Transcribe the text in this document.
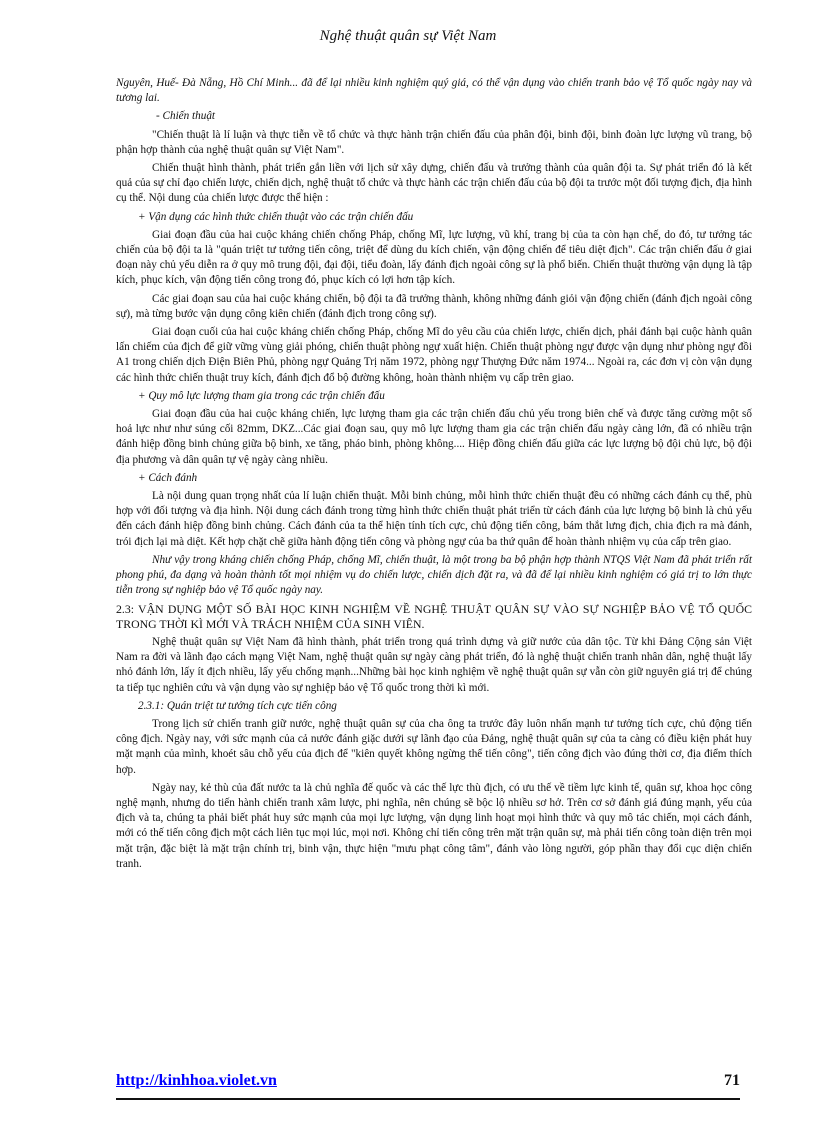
Nghệ thuật quân sự Việt Nam

Nguyên, Huế- Đà Nẵng, Hồ Chí Minh... đã để lại nhiều kinh nghiệm quý giá, có thể vận dụng vào chiến tranh bảo vệ Tổ quốc ngày nay và tương lai.

- Chiến thuật

"Chiến thuật là lí luận và thực tiễn về tổ chức và thực hành trận chiến đấu của phân đội, binh đội, binh đoàn lực lượng vũ trang, bộ phận hợp thành của nghệ thuật quân sự Việt Nam".

Chiến thuật hình thành, phát triển gắn liền với lịch sử xây dựng, chiến đấu và trưởng thành của quân đội ta. Sự phát triển đó là kết quả của sự chỉ đạo chiến lược, chiến dịch, nghệ thuật tổ chức và thực hành các trận chiến đấu của bộ đội ta trước một đối tượng địch, địa hình cụ thể. Nội dung của chiến lược được thể hiện :

+ Vận dụng các hình thức chiến thuật vào các trận chiến đấu

Giai đoạn đầu của hai cuộc kháng chiến chống Pháp, chống Mĩ, lực lượng, vũ khí, trang bị của ta còn hạn chế, do đó, tư tưởng tác chiến của bộ đội ta là "quán triệt tư tưởng tiến công, triệt để dùng du kích chiến, vận động chiến để tiêu diệt địch". Các trận chiến đấu ở giai đoạn này chủ yếu diễn ra ở quy mô trung đội, đại đội, tiểu đoàn, lấy đánh địch ngoài công sự là phổ biến. Chiến thuật thường vận dụng là tập kích, phục kích, vận động tiến công trong đó, phục kích có lợi hơn tập kích.

Các giai đoạn sau của hai cuộc kháng chiến, bộ đội ta đã trưởng thành, không những đánh giỏi vận động chiến (đánh địch ngoài công sự), mà từng bước vận dụng công kiên chiến (đánh địch trong công sự).

Giai đoạn cuối của hai cuộc kháng chiến chống Pháp, chống Mĩ do yêu cầu của chiến lược, chiến dịch, phải đánh bại cuộc hành quân lấn chiếm của địch để giữ vững vùng giải phóng, chiến thuật phòng ngự xuất hiện. Chiến thuật phòng ngự được vận dụng như phòng ngự đồi A1 trong chiến dịch Điện Biên Phủ, phòng ngự Quảng Trị năm 1972, phòng ngự Thượng Đức năm 1974... Ngoài ra, các đơn vị còn vận dụng các hình thức chiến thuật truy kích, đánh địch đổ bộ đường không, hoàn thành nhiệm vụ cấp trên giao.

+ Quy mô lực lượng tham gia trong các trận chiến đấu

Giai đoạn đầu của hai cuộc kháng chiến, lực lượng tham gia các trận chiến đấu chủ yếu trong biên chế và được tăng cường một số hoả lực như như súng cối 82mm, DKZ...Các giai đoạn sau, quy mô lực lượng tham gia các trận chiến đấu ngày càng lớn, đã có nhiều trận đánh hiệp đồng binh chủng giữa bộ binh, xe tăng, pháo binh, phòng không.... Hiệp đồng chiến đấu giữa các lực lượng bộ đội chủ lực, bộ đội địa phương và dân quân tự vệ ngày càng nhiều.

+ Cách đánh

Là nội dung quan trọng nhất của lí luận chiến thuật. Mỗi binh chủng, mỗi hình thức chiến thuật đều có những cách đánh cụ thể, phù hợp với đối tượng và địa hình. Nội dung cách đánh trong từng hình thức chiến thuật phát triển từ cách đánh của lực lượng bộ binh là chủ yếu đến cách đánh hiệp đồng binh chủng. Cách đánh của ta thể hiện tính tích cực, chủ động tiến công, bám thắt lưng địch, chia địch ra mà đánh, trói địch lại mà diệt. Kết hợp chặt chẽ giữa hành động tiến công và phòng ngự của ba thứ quân để hoàn thành nhiệm vụ của cấp trên giao.

Như vậy trong kháng chiến chống Pháp, chống Mĩ, chiến thuật, là một trong ba bộ phận hợp thành NTQS Việt Nam đã phát triển rất phong phú, đa dạng và hoàn thành tốt mọi nhiệm vụ do chiến lược, chiến dịch đặt ra, và đã để lại nhiều kinh nghiệm có giá trị to lớn thực tiễn trong sự nghiệp bảo vệ Tổ quốc ngày nay.

2.3: VẬN DỤNG MỘT SỐ BÀI HỌC KINH NGHIỆM VỀ NGHỆ THUẬT QUÂN SỰ VÀO SỰ NGHIỆP BẢO VỆ TỔ QUỐC TRONG THỜI KÌ MỚI VÀ TRÁCH NHIỆM CỦA SINH VIÊN.

Nghệ thuật quân sự Việt Nam đã hình thành, phát triển trong quá trình dựng và giữ nước của dân tộc. Từ khi Đảng Cộng sản Việt Nam ra đời và lãnh đạo cách mạng Việt Nam, nghệ thuật quân sự ngày càng phát triển, đó là nghệ thuật chiến tranh nhân dân, nghệ thuật lấy nhỏ đánh lớn, lấy ít địch nhiều, lấy yếu chống mạnh...Những bài học kinh nghiệm về nghệ thuật quân sự vẫn còn giữ nguyên giá trị để chúng ta tiếp tục nghiên cứu và vận dụng vào sự nghiệp bảo vệ Tổ quốc trong thời kì mới.

2.3.1: Quán triệt tư tưởng tích cực tiến công

Trong lịch sử chiến tranh giữ nước, nghệ thuật quân sự của cha ông ta trước đây luôn nhấn mạnh tư tưởng tích cực, chủ động tiến công địch. Ngày nay, với sức mạnh của cả nước đánh giặc dưới sự lãnh đạo của Đảng, nghệ thuật quân sự của ta càng có điều kiện phát huy mặt mạnh của mình, khoét sâu chỗ yếu của địch để "kiên quyết không ngừng thế tiến công", tiến công địch vào đúng thời cơ, địa điểm thích hợp.

Ngày nay, kẻ thù của đất nước ta là chủ nghĩa đế quốc và các thế lực thù địch, có ưu thế về tiềm lực kinh tế, quân sự, khoa học công nghệ mạnh, nhưng do tiến hành chiến tranh xâm lược, phi nghĩa, nên chúng sẽ bộc lộ nhiều sơ hở. Trên cơ sở đánh giá đúng mạnh, yếu của địch và ta, chúng ta phải biết phát huy sức mạnh của mọi lực lượng, vận dụng linh hoạt mọi hình thức và quy mô tác chiến, mọi cách đánh, mới có thế tiến công địch một cách liên tục mọi lúc, mọi nơi. Không chỉ tiến công trên mặt trận quân sự, mà phải tiến công toàn diện trên mọi mặt trận, đặc biệt là mặt trận chính trị, binh vận, thực hiện "mưu phạt công tâm", đánh vào lòng người, góp phần thay đổi cục diện chiến tranh.

http://kinhhoa.violet.vn	71
